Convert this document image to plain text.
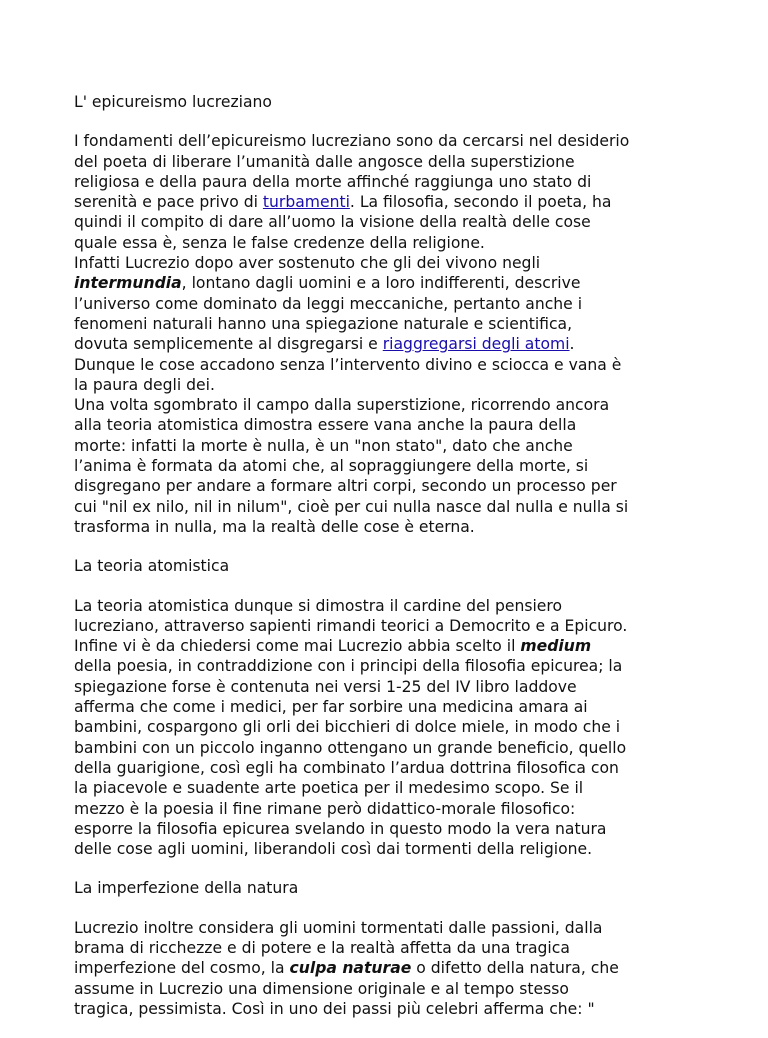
L' epicureismo lucreziano

I fondamenti dell’epicureismo lucreziano sono da cercarsi nel desiderio
del poeta di liberare l’umanità dalle angosce della superstizione
religiosa e della paura della morte affinché raggiunga uno stato di
serenità e pace privo di turbamenti. La filosofia, secondo il poeta, ha
quindi il compito di dare all’uomo la visione della realtà delle cose
quale essa è, senza le false credenze della religione.
Infatti Lucrezio dopo aver sostenuto che gli dei vivono negli
intermundia, lontano dagli uomini e a loro indifferenti, descrive
l’universo come dominato da leggi meccaniche, pertanto anche i
fenomeni naturali hanno una spiegazione naturale e scientifica,
dovuta semplicemente al disgregarsi e riaggregarsi degli atomi.
Dunque le cose accadono senza l’intervento divino e sciocca e vana è
la paura degli dei.
Una volta sgombrato il campo dalla superstizione, ricorrendo ancora
alla teoria atomistica dimostra essere vana anche la paura della
morte: infatti la morte è nulla, è un "non stato", dato che anche
l’anima è formata da atomi che, al sopraggiungere della morte, si
disgregano per andare a formare altri corpi, secondo un processo per
cui "nil ex nilo, nil in nilum", cioè per cui nulla nasce dal nulla e nulla si
trasforma in nulla, ma la realtà delle cose è eterna.

La teoria atomistica

La teoria atomistica dunque si dimostra il cardine del pensiero
lucreziano, attraverso sapienti rimandi teorici a Democrito e a Epicuro.
Infine vi è da chiedersi come mai Lucrezio abbia scelto il medium
della poesia, in contraddizione con i principi della filosofia epicurea; la
spiegazione forse è contenuta nei versi 1-25 del IV libro laddove
afferma che come i medici, per far sorbire una medicina amara ai
bambini, cospargono gli orli dei bicchieri di dolce miele, in modo che i
bambini con un piccolo inganno ottengano un grande beneficio, quello
della guarigione, così egli ha combinato l’ardua dottrina filosofica con
la piacevole e suadente arte poetica per il medesimo scopo. Se il
mezzo è la poesia il fine rimane però didattico-morale filosofico:
esporre la filosofia epicurea svelando in questo modo la vera natura
delle cose agli uomini, liberandoli così dai tormenti della religione.

La imperfezione della natura

Lucrezio inoltre considera gli uomini tormentati dalle passioni, dalla
brama di ricchezze e di potere e la realtà affetta da una tragica
imperfezione del cosmo, la culpa naturae o difetto della natura, che
assume in Lucrezio una dimensione originale e al tempo stesso
tragica, pessimista. Così in uno dei passi più celebri afferma che: "
